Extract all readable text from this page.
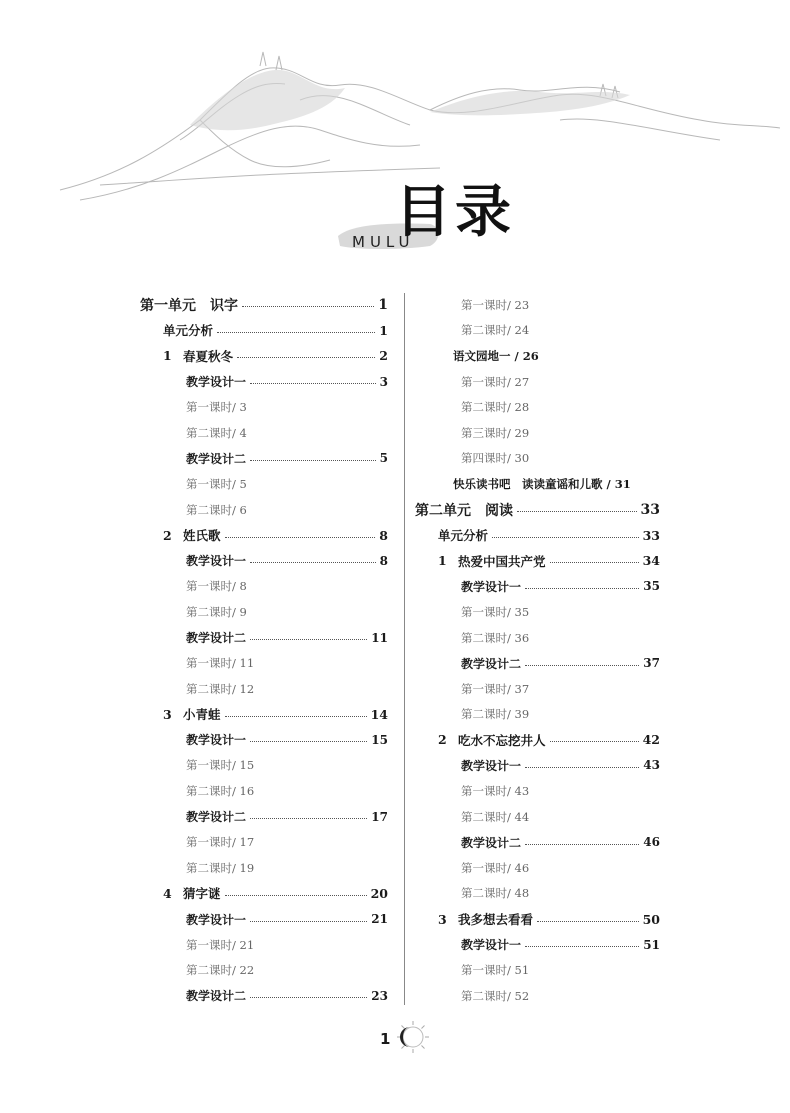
目录
MULU
第一单元　识字	1
单元分析	1
1 春夏秋冬	2
教学设计一	3
第一课时/ 3
第二课时/ 4
教学设计二	5
第一课时/ 5
第二课时/ 6
2 姓氏歌	8
教学设计一	8
第一课时/ 8
第二课时/ 9
教学设计二	11
第一课时/ 11
第二课时/ 12
3 小青蛙	14
教学设计一	15
第一课时/ 15
第二课时/ 16
教学设计二	17
第一课时/ 17
第二课时/ 19
4 猜字谜	20
教学设计一	21
第一课时/ 21
第二课时/ 22
教学设计二	23
第一课时/ 23
第二课时/ 24
语文园地一 / 26
第一课时/ 27
第二课时/ 28
第三课时/ 29
第四课时/ 30
快乐读书吧　读读童谣和儿歌 / 31
第二单元　阅读	33
单元分析	33
1 热爱中国共产党	34
教学设计一	35
第一课时/ 35
第二课时/ 36
教学设计二	37
第一课时/ 37
第二课时/ 39
2 吃水不忘挖井人	42
教学设计一	43
第一课时/ 43
第二课时/ 44
教学设计二	46
第一课时/ 46
第二课时/ 48
3 我多想去看看	50
教学设计一	51
第一课时/ 51
第二课时/ 52
1
